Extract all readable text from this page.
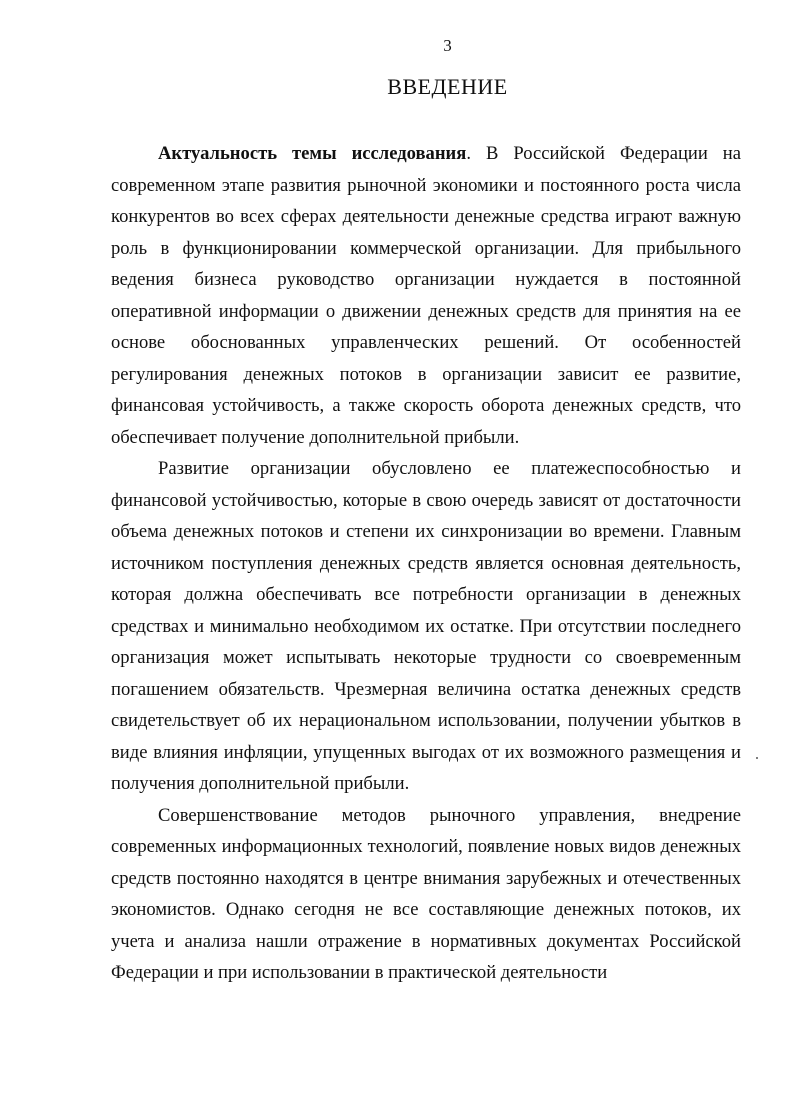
3
ВВЕДЕНИЕ

Актуальность темы исследования. В Российской Федерации на современном этапе развития рыночной экономики и постоянного роста числа конкурентов во всех сферах деятельности денежные средства играют важную роль в функционировании коммерческой организации. Для прибыльного ведения бизнеса руководство организации нуждается в постоянной оперативной информации о движении денежных средств для принятия на ее основе обоснованных управленческих решений. От особенностей регулирования денежных потоков в организации зависит ее развитие, финансовая устойчивость, а также скорость оборота денежных средств, что обеспечивает получение дополнительной прибыли.

Развитие организации обусловлено ее платежеспособностью и финансовой устойчивостью, которые в свою очередь зависят от достаточности объема денежных потоков и степени их синхронизации во времени. Главным источником поступления денежных средств является основная деятельность, которая должна обеспечивать все потребности организации в денежных средствах и минимально необходимом их остатке. При отсутствии последнего организация может испытывать некоторые трудности со своевременным погашением обязательств. Чрезмерная величина остатка денежных средств свидетельствует об их нерациональном использовании, получении убытков в виде влияния инфляции, упущенных выгодах от их возможного размещения и получения дополнительной прибыли.

Совершенствование методов рыночного управления, внедрение современных информационных технологий, появление новых видов денежных средств постоянно находятся в центре внимания зарубежных и отечественных экономистов. Однако сегодня не все составляющие денежных потоков, их учета и анализа нашли отражение в нормативных документах Российской Федерации и при использовании в практической деятельности
